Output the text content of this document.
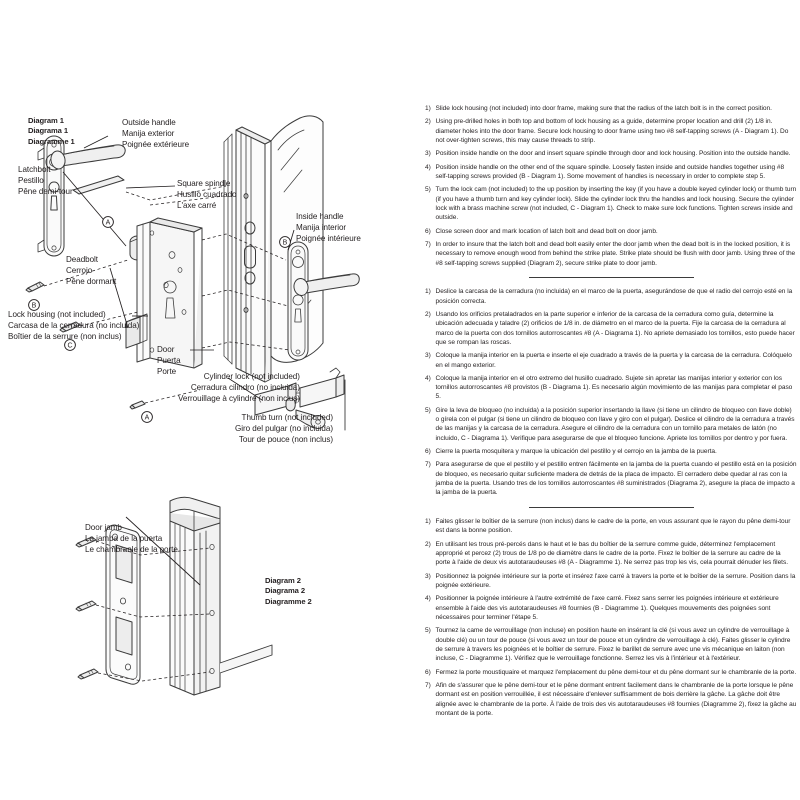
A
B
C
A
B
Diagram 1
Diagrama 1
Diagramme 1
Diagram 2
Diagrama 2
Diagramme 2
Outside handle
Manija exterior
Poignée extérieure
Latchbolt
Pestillo
Pêne demi-tour
Square spindle
Husillo cuadrado
L'axe carré
Inside handle
Manija interior
Poignée intérieure
Deadbolt
Cerrojo
Pêne dormant
Lock housing (not included)
Carcasa de la cerradura (no incluida)
Boîtier de la serrure (non inclus)
Door
Puerta
Porte
Cylinder lock (not included)
Cerradura cilindro (no incluida)
Verrouillage à cylindre (non inclus)
Thumb turn (not included)
Giro del pulgar (no incluida)
Tour de pouce (non inclus)
Door jamb
La jamba de la puerta
Le chambranle de la porte
1) Slide lock housing (not included) into door frame, making sure that the radius of the latch bolt is in the correct position.
2) Using pre-drilled holes in both top and bottom of lock housing as a guide, determine proper location and drill (2) 1/8 in. diameter holes into the door frame. Secure lock housing to door frame using two #8 self-tapping screws (A - Diagram 1). Do not over-tighten screws, this may cause threads to strip.
3) Position inside handle on the door and insert square spindle through door and lock housing. Position into the outside handle.
4) Position inside handle on the other end of the square spindle. Loosely fasten inside and outside handles together using #8 self-tapping screws provided (B - Diagram 1). Some movement of handles is necessary in order to complete step 5.
5) Turn the lock cam (not included) to the up position by inserting the key (if you have a double keyed cylinder lock) or thumb turn (if you have a thumb turn and key cylinder lock). Slide the cylinder lock thru the handles and lock housing. Secure the cylinder lock with a brass machine screw (not included, C - Diagram 1). Check to make sure lock functions. Tighten screws inside and outside.
6) Close screen door and mark location of latch bolt and dead bolt on door jamb.
7) In order to insure that the latch bolt and dead bolt easily enter the door jamb when the dead bolt is in the locked position, it is necessary to remove enough wood from behind the strike plate. Strike plate should be flush with door jamb. Using three of the #8 self-tapping screws supplied (Diagram 2), secure strike plate to door jamb.
1) Deslice la carcasa de la cerradura (no incluida) en el marco de la puerta, asegurándose de que el radio del cerrojo esté en la posición correcta.
2) Usando los orificios pretaladrados en la parte superior e inferior de la carcasa de la cerradura como guía, determine la ubicación adecuada y taladre (2) orificios de 1/8 in. de diámetro en el marco de la puerta. Fije la carcasa de la cerradura al marco de la puerta con dos tornillos autorroscantes #8 (A - Diagrama 1). No apriete demasiado los tornillos, esto puede hacer que se rompan las roscas.
3) Coloque la manija interior en la puerta e inserte el eje cuadrado a través de la puerta y la carcasa de la cerradura. Colóquelo en el mango exterior.
4) Coloque la manija interior en el otro extremo del husillo cuadrado. Sujete sin apretar las manijas interior y exterior con los tornillos autorroscantes #8 provistos (B - Diagrama 1). Es necesario algún movimiento de las manijas para completar el paso 5.
5) Gire la leva de bloqueo (no incluida) a la posición superior insertando la llave (si tiene un cilindro de bloqueo con llave doble) o gírela con el pulgar (si tiene un cilindro de bloqueo con llave y giro con el pulgar). Deslice el cilindro de la cerradura a través de las manijas y la carcasa de la cerradura. Asegure el cilindro de la cerradura con un tornillo para metales de latón (no incluido, C - Diagrama 1). Verifique para asegurarse de que el bloqueo funcione. Apriete los tornillos por dentro y por fuera.
6) Cierre la puerta mosquitera y marque la ubicación del pestillo y el cerrojo en la jamba de la puerta.
7) Para asegurarse de que el pestillo y el pestillo entren fácilmente en la jamba de la puerta cuando el pestillo está en la posición de bloqueo, es necesario quitar suficiente madera de detrás de la placa de impacto. El cerradero debe quedar al ras con la jamba de la puerta. Usando tres de los tornillos autorroscantes #8 suministrados (Diagrama 2), asegure la placa de impacto a la jamba de la puerta.
1) Faites glisser le boîtier de la serrure (non inclus) dans le cadre de la porte, en vous assurant que le rayon du pêne demi-tour est dans la bonne position.
2) En utilisant les trous pré-percés dans le haut et le bas du boîtier de la serrure comme guide, déterminez l'emplacement approprié et percez (2) trous de 1/8 po de diamètre dans le cadre de la porte. Fixez le boîtier de la serrure au cadre de la porte à l'aide de deux vis autotaraudeuses #8 (A - Diagramme 1). Ne serrez pas trop les vis, cela pourrait dénuder les filets.
3) Positionnez la poignée intérieure sur la porte et insérez l'axe carré à travers la porte et le boîtier de la serrure. Position dans la poignée extérieure.
4) Positionner la poignée intérieure à l'autre extrémité de l'axe carré. Fixez sans serrer les poignées intérieure et extérieure ensemble à l'aide des vis autotaraudeuses #8 fournies (B - Diagramme 1). Quelques mouvements des poignées sont nécessaires pour terminer l'étape 5.
5) Tournez la came de verrouillage (non incluse) en position haute en insérant la clé (si vous avez un cylindre de verrouillage à double clé) ou un tour de pouce (si vous avez un tour de pouce et un cylindre de verrouillage à clé). Faites glisser le cylindre de serrure à travers les poignées et le boîtier de serrure. Fixez le barillet de serrure avec une vis mécanique en laiton (non incluse, C - Diagramme 1). Vérifiez que le verrouillage fonctionne. Serrez les vis à l'intérieur et à l'extérieur.
6) Fermez la porte moustiquaire et marquez l'emplacement du pêne demi-tour et du pêne dormant sur le chambranle de la porte.
7) Afin de s'assurer que le pêne demi-tour et le pêne dormant entrent facilement dans le chambranle de la porte lorsque le pêne dormant est en position verrouillée, il est nécessaire d'enlever suffisamment de bois derrière la gâche. La gâche doit être alignée avec le chambranle de la porte. À l'aide de trois des vis autotaraudeuses #8 fournies (Diagramme 2), fixez la gâche au montant de la porte.
